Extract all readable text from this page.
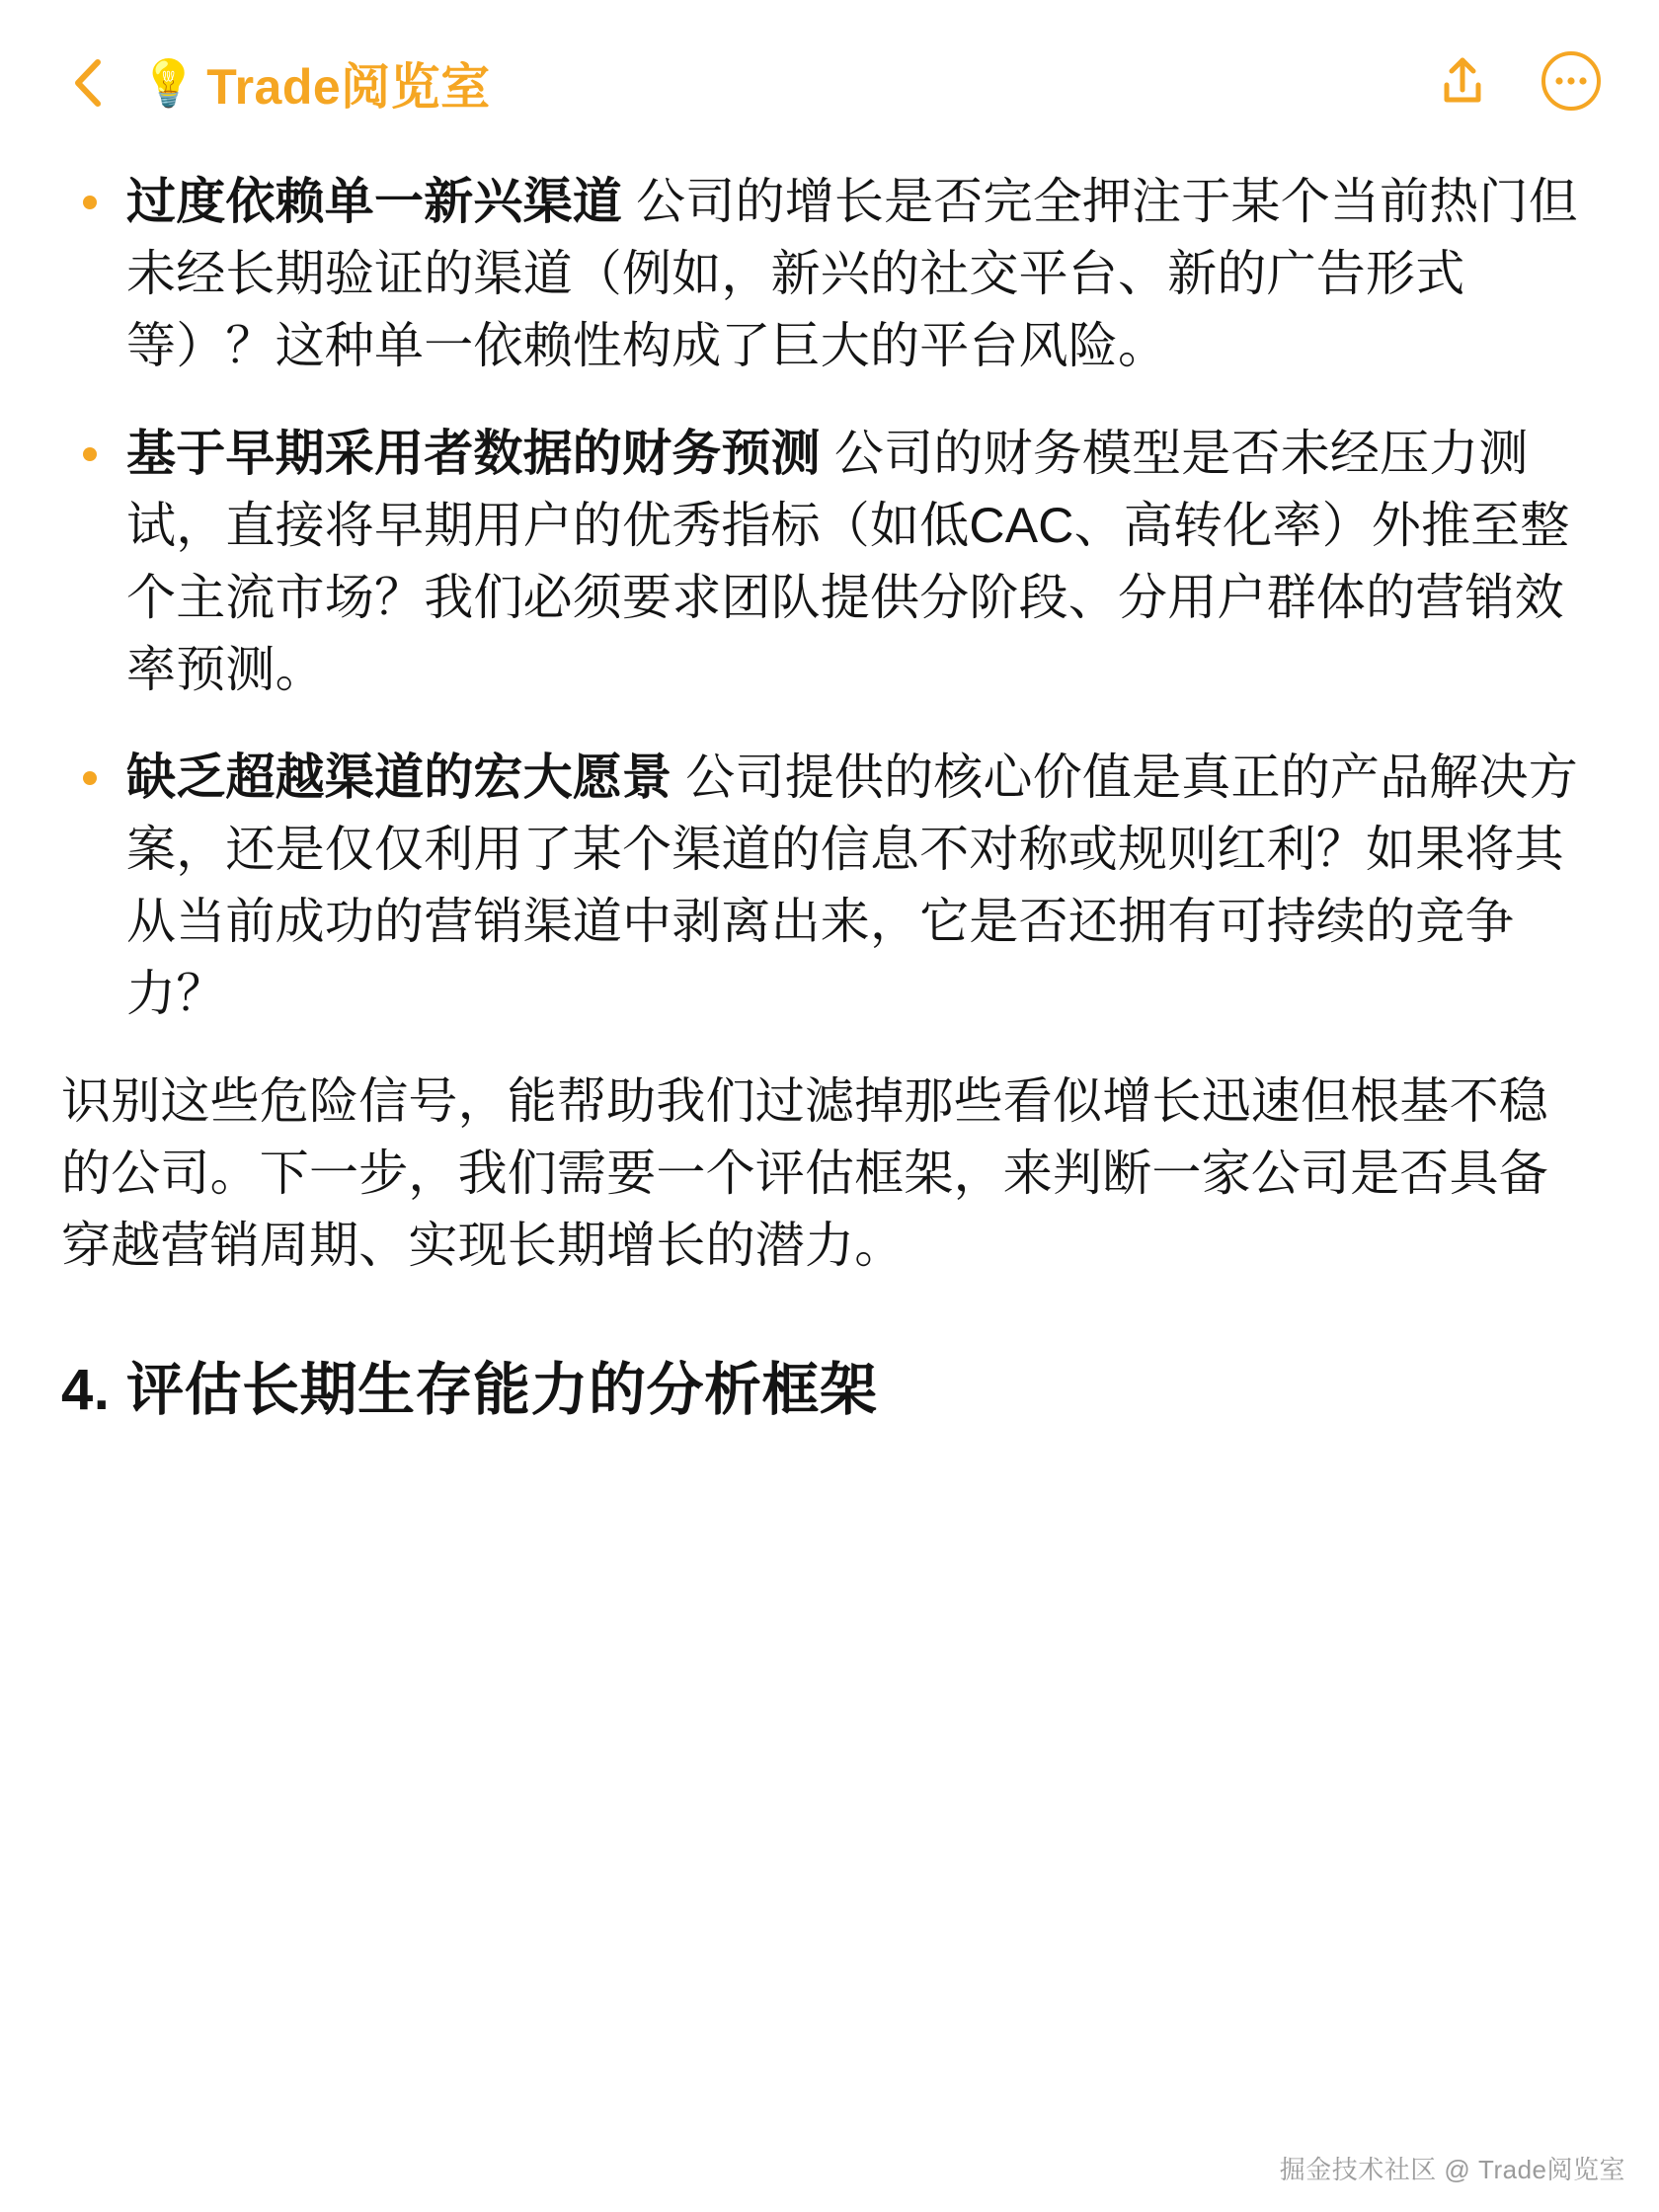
💡 Trade阅览室
过度依赖单一新兴渠道 公司的增长是否完全押注于某个当前热门但未经长期验证的渠道（例如，新兴的社交平台、新的广告形式等）？这种单一依赖性构成了巨大的平台风险。
基于早期采用者数据的财务预测 公司的财务模型是否未经压力测试，直接将早期用户的优秀指标（如低CAC、高转化率）外推至整个主流市场？我们必须要求团队提供分阶段、分用户群体的营销效率预测。
缺乏超越渠道的宏大愿景 公司提供的核心价值是真正的产品解决方案，还是仅仅利用了某个渠道的信息不对称或规则红利？如果将其从当前成功的营销渠道中剥离出来，它是否还拥有可持续的竞争力？

识别这些危险信号，能帮助我们过滤掉那些看似增长迅速但根基不稳的公司。下一步，我们需要一个评估框架，来判断一家公司是否具备穿越营销周期、实现长期增长的潜力。

4. 评估长期生存能力的分析框架
掘金技术社区 @ Trade阅览室
